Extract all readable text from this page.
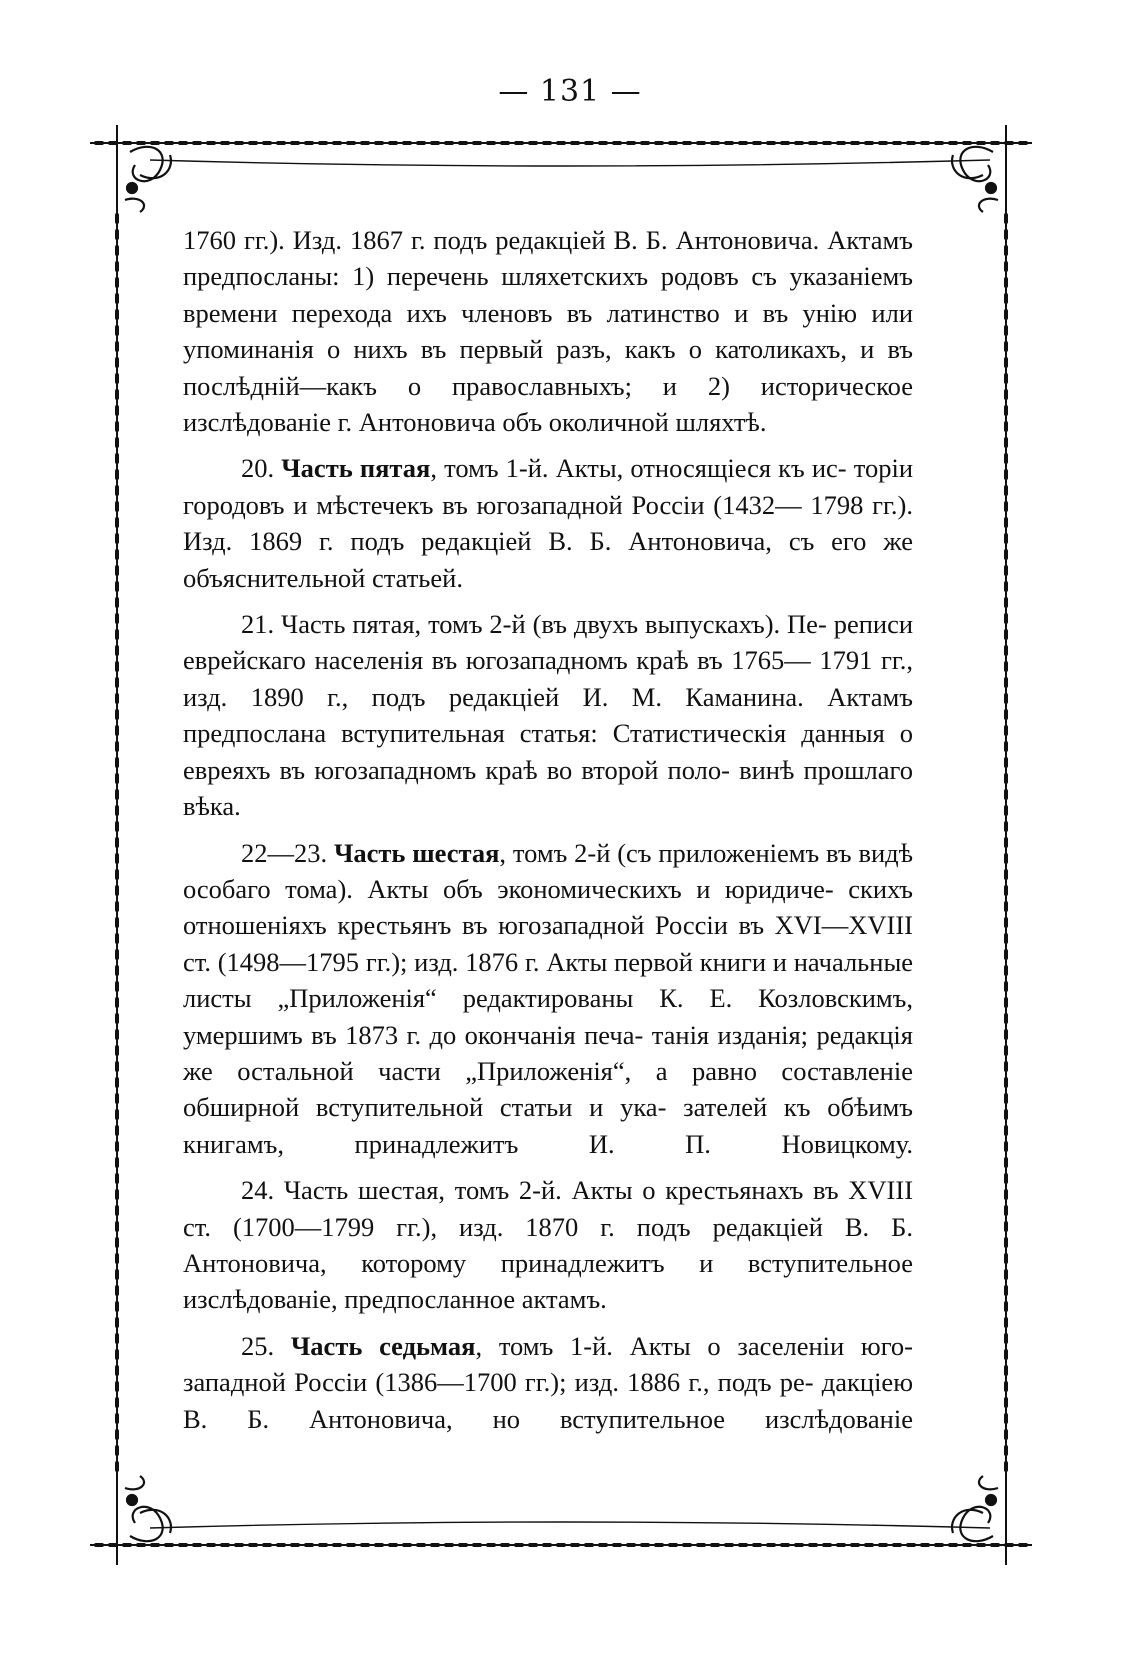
— 131 —

1760 гг.). Изд. 1867 г. подъ редакціей В. Б. Антоновича. Актамъ предпосланы: 1) перечень шляхетскихъ родовъ съ указаніемъ времени перехода ихъ членовъ въ латинство и въ унію или упоминанія о нихъ въ первый разъ, какъ о католикахъ, и въ послѣдній—какъ о православныхъ; и 2) историческое изслѣдованіе г. Антоновича объ околичной шляхтѣ.

20. Часть пятая, томъ 1-й. Акты, относящіеся къ ис- торіи городовъ и мѣстечекъ въ югозападной Россіи (1432— 1798 гг.). Изд. 1869 г. подъ редакціей В. Б. Антоновича, съ его же объяснительной статьей.

21. Часть пятая, томъ 2-й (въ двухъ выпускахъ). Пе- реписи еврейскаго населенія въ югозападномъ краѣ въ 1765— 1791 гг., изд. 1890 г., подъ редакціей И. М. Каманина. Актамъ предпослана вступительная статья: Статистическія данныя о евреяхъ въ югозападномъ краѣ во второй поло- винѣ прошлаго вѣка.

22—23. Часть шестая, томъ 2-й (съ приложеніемъ въ видѣ особаго тома). Акты объ экономическихъ и юридиче- скихъ отношеніяхъ крестьянъ въ югозападной Россіи въ XVI—XVIII ст. (1498—1795 гг.); изд. 1876 г. Акты первой книги и начальные листы „Приложенія“ редактированы К. Е. Козловскимъ, умершимъ въ 1873 г. до окончанія печа- танія изданія; редакція же остальной части „Приложенія“, а равно составленіе обширной вступительной статьи и ука- зателей къ обѣимъ книгамъ, принадлежитъ И. П. Новицкому.

24. Часть шестая, томъ 2-й. Акты о крестьянахъ въ XVIII ст. (1700—1799 гг.), изд. 1870 г. подъ редакціей В. Б. Антоновича, которому принадлежитъ и вступительное изслѣдованіе, предпосланное актамъ.

25. Часть седьмая, томъ 1-й. Акты о заселеніи юго- западной Россіи (1386—1700 гг.); изд. 1886 г., подъ ре- дакціею В. Б. Антоновича, но вступительное изслѣдованіе
